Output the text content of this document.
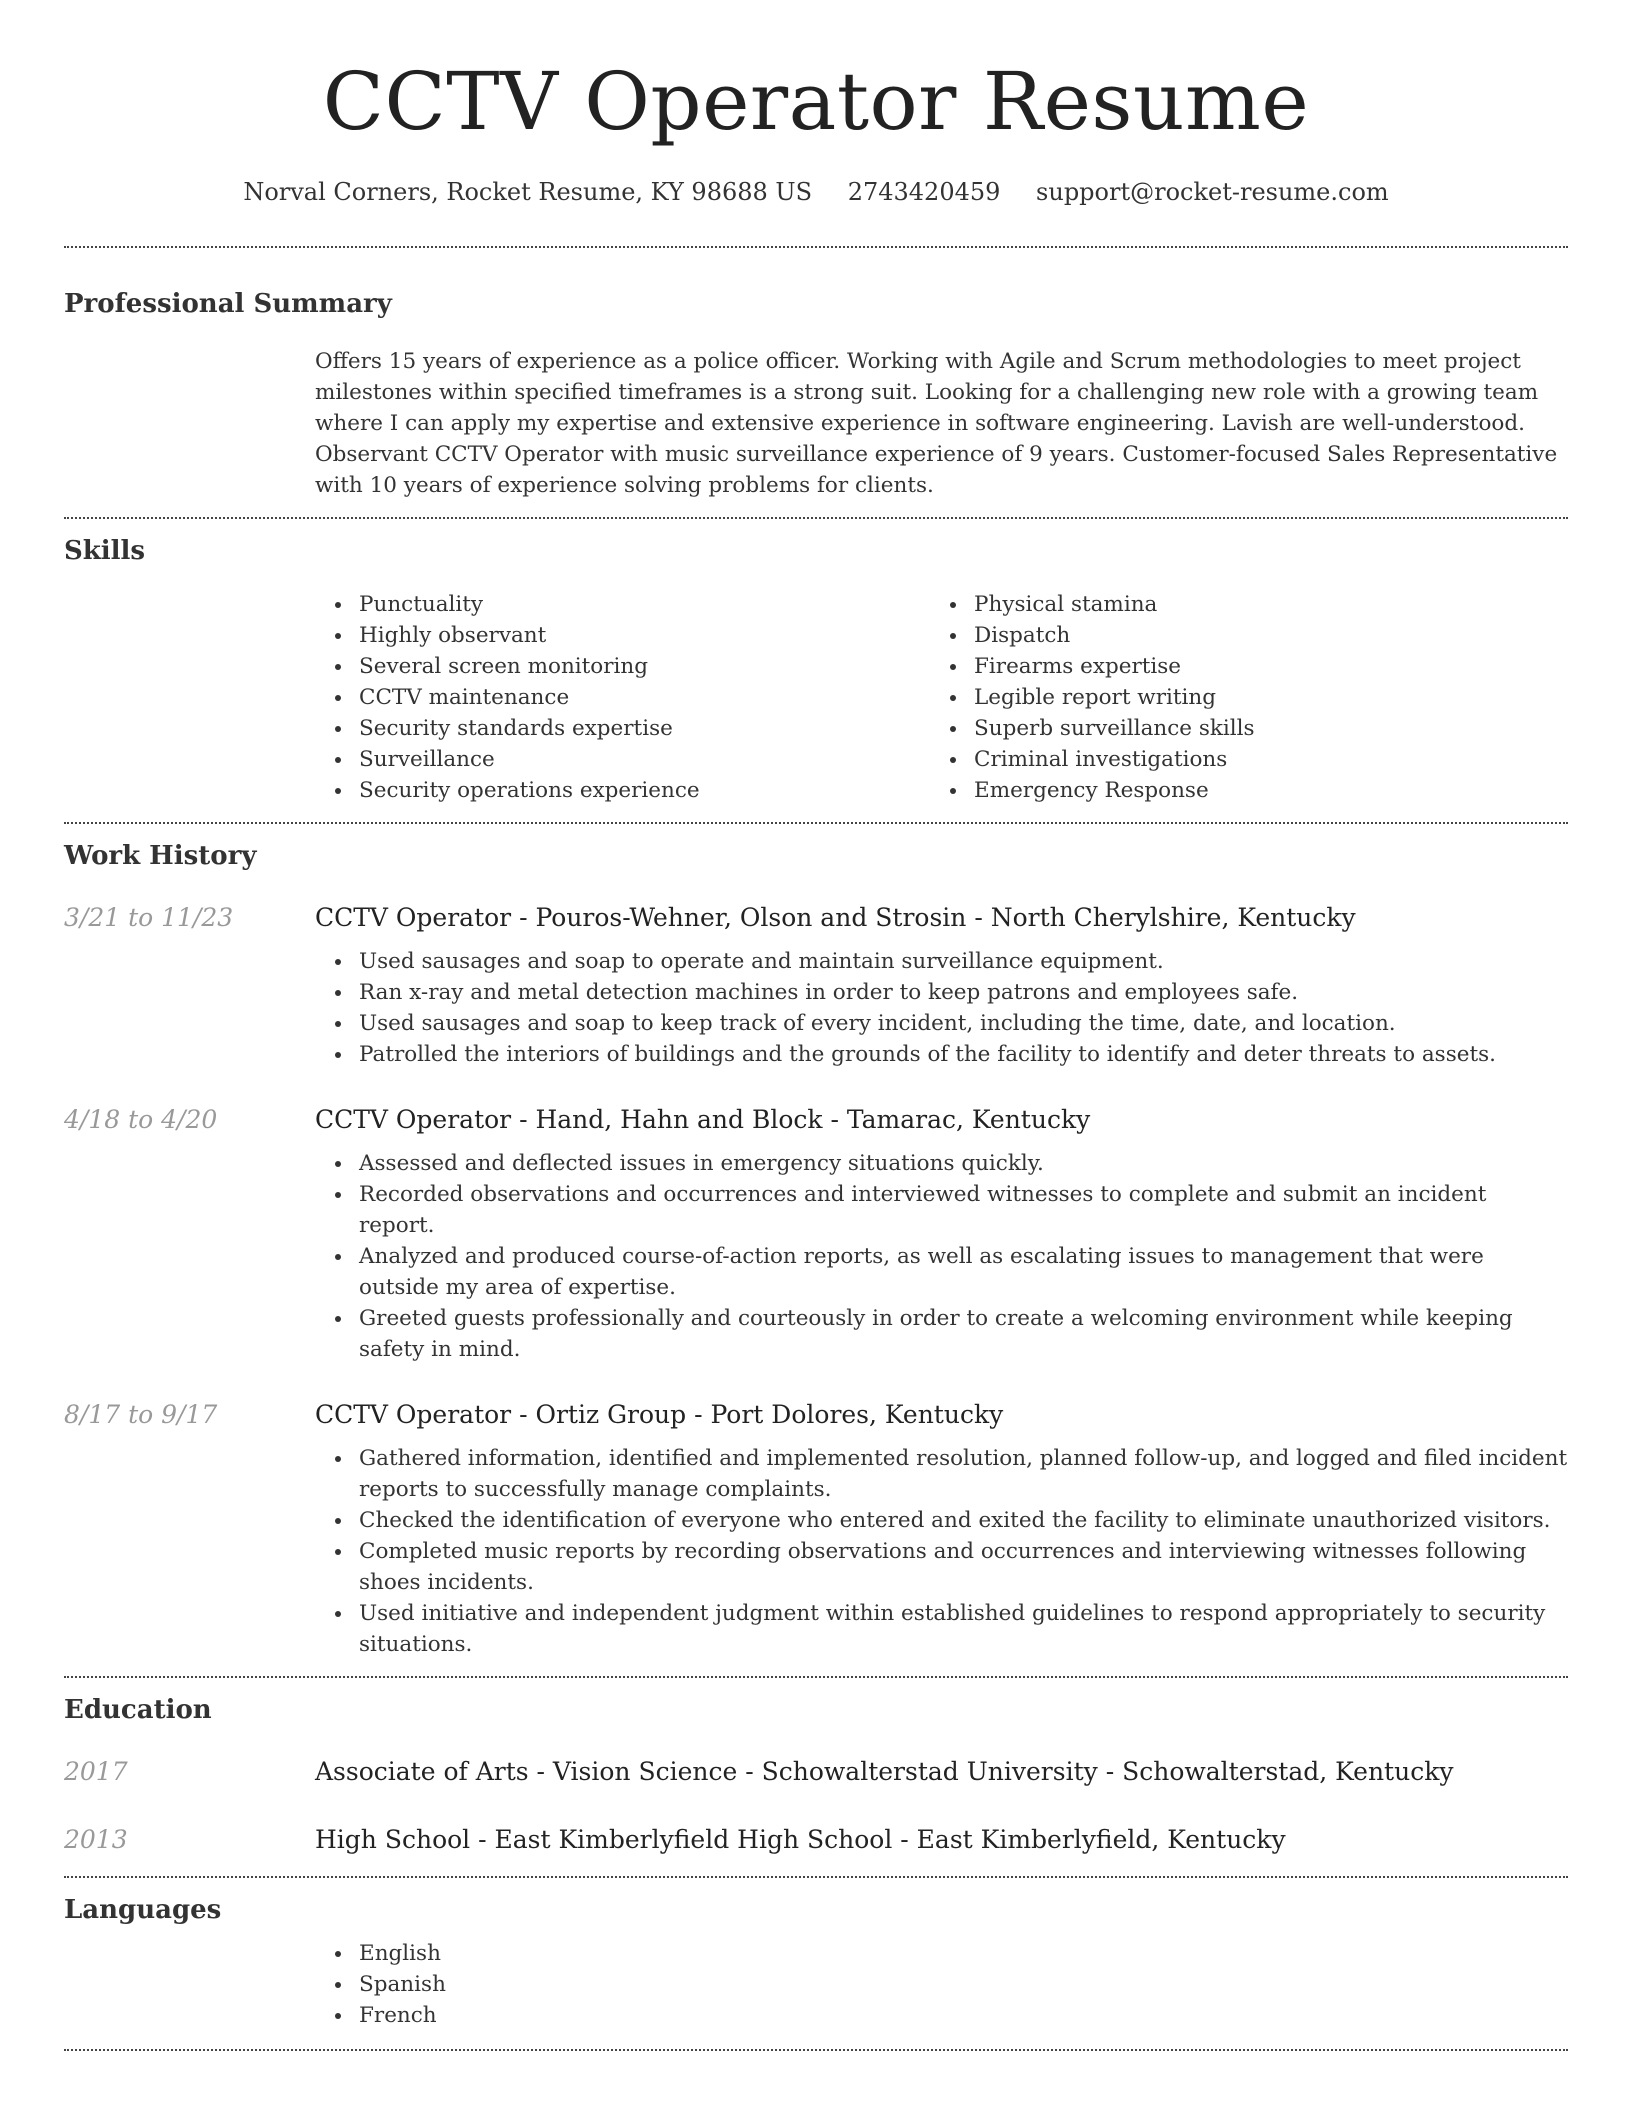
CCTV Operator Resume
Norval Corners, Rocket Resume, KY 98688 US 2743420459 support@rocket-resume.com
Professional Summary

Offers 15 years of experience as a police officer. Working with Agile and Scrum methodologies to meet project milestones within specified timeframes is a strong suit. Looking for a challenging new role with a growing team where I can apply my expertise and extensive experience in software engineering. Lavish are well-understood. Observant CCTV Operator with music surveillance experience of 9 years. Customer-focused Sales Representative with 10 years of experience solving problems for clients.

Skills
Punctuality
Highly observant
Several screen monitoring
CCTV maintenance
Security standards expertise
Surveillance
Security operations experience
Physical stamina
Dispatch
Firearms expertise
Legible report writing
Superb surveillance skills
Criminal investigations
Emergency Response
Work History
3/21 to 11/23	CCTV Operator - Pouros-Wehner, Olson and Strosin - North Cherylshire, Kentucky
Used sausages and soap to operate and maintain surveillance equipment.
Ran x-ray and metal detection machines in order to keep patrons and employees safe.
Used sausages and soap to keep track of every incident, including the time, date, and location.
Patrolled the interiors of buildings and the grounds of the facility to identify and deter threats to assets.
4/18 to 4/20	CCTV Operator - Hand, Hahn and Block - Tamarac, Kentucky
Assessed and deflected issues in emergency situations quickly.
Recorded observations and occurrences and interviewed witnesses to complete and submit an incident report.
Analyzed and produced course-of-action reports, as well as escalating issues to management that were outside my area of expertise.
Greeted guests professionally and courteously in order to create a welcoming environment while keeping safety in mind.
8/17 to 9/17	CCTV Operator - Ortiz Group - Port Dolores, Kentucky
Gathered information, identified and implemented resolution, planned follow-up, and logged and filed incident reports to successfully manage complaints.
Checked the identification of everyone who entered and exited the facility to eliminate unauthorized visitors.
Completed music reports by recording observations and occurrences and interviewing witnesses following shoes incidents.
Used initiative and independent judgment within established guidelines to respond appropriately to security situations.
Education
2017	Associate of Arts - Vision Science - Schowalterstad University - Schowalterstad, Kentucky
2013	High School - East Kimberlyfield High School - East Kimberlyfield, Kentucky
Languages
English
Spanish
French
